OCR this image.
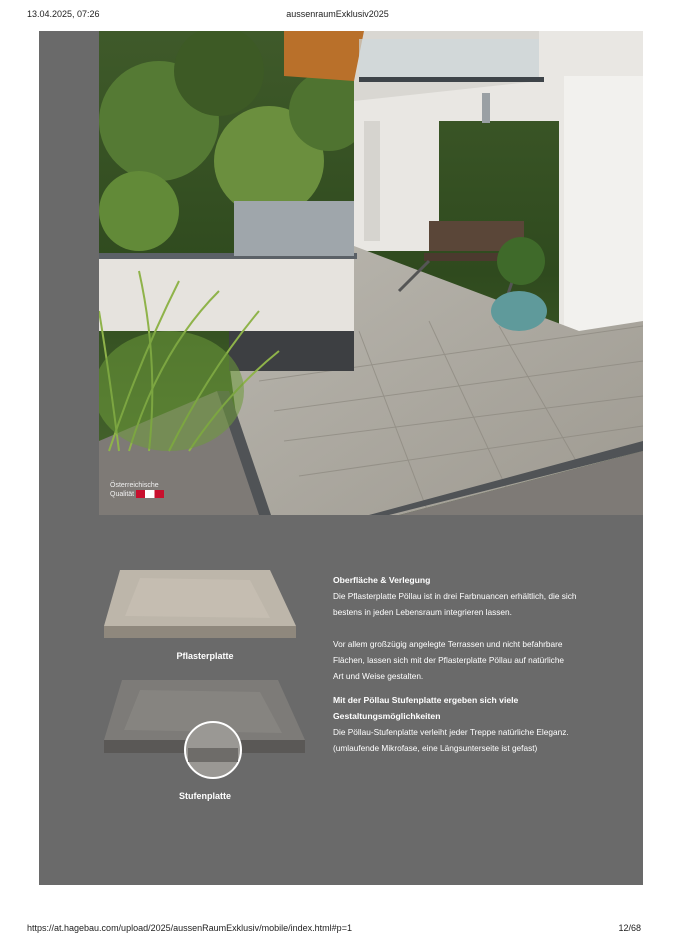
13.04.2025, 07:26	aussenraumExklusiv2025
Österreichische
Qualität
Pflasterplatte
Stufenplatte
Oberfläche & Verlegung

Die Pflasterplatte Pöllau ist in drei Farbnuancen erhältlich, die sich

bestens in jeden Lebensraum integrieren lassen.

Vor allem großzügig angelegte Terrassen und nicht befahrbare

Flächen, lassen sich mit der Pflasterplatte Pöllau auf natürliche

Art und Weise gestalten.

Mit der Pöllau Stufenplatte ergeben sich viele
Gestaltungsmöglichkeiten

Die Pöllau-Stufenplatte verleiht jeder Treppe natürliche Eleganz.

(umlaufende Mikrofase, eine Längsunterseite ist gefast)

https://at.hagebau.com/upload/2025/aussenRaumExklusiv/mobile/index.html#p=1	12/68
